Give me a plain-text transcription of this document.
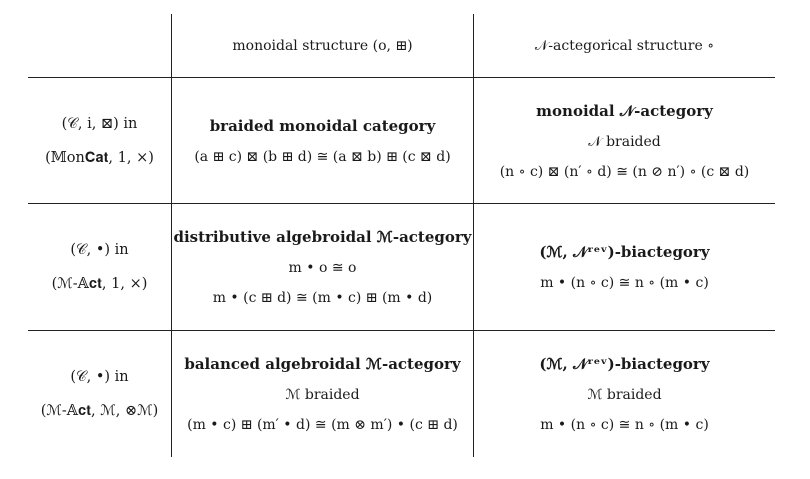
monoidal structure (o, ⊞)	𝒩-actegorical structure ∘
(𝒞, i, ⊠) in
(𝕄on𝐂𝐚𝐭, 1, ×)
braided monoidal category
(a ⊞ c) ⊠ (b ⊞ d) ≅ (a ⊠ b) ⊞ (c ⊠ d)
monoidal 𝒩-actegory
𝒩 braided
(n ∘ c) ⊠ (n′ ∘ d) ≅ (n ⊘ n′) ∘ (c ⊠ d)
(𝒞, •) in
(ℳ-𝔸𝐜𝐭, 1, ×)
distributive algebroidal ℳ-actegory
m • o ≅ o
m • (c ⊞ d) ≅ (m • c) ⊞ (m • d)
(ℳ, 𝒩ʳᵉᵛ)-biactegory
m • (n ∘ c) ≅ n ∘ (m • c)
(𝒞, •) in
(ℳ-𝔸𝐜𝐭, ℳ, ⊗ℳ)
balanced algebroidal ℳ-actegory
ℳ braided
(m • c) ⊞ (m′ • d) ≅ (m ⊗ m′) • (c ⊞ d)
(ℳ, 𝒩ʳᵉᵛ)-biactegory
ℳ braided
m • (n ∘ c) ≅ n ∘ (m • c)
